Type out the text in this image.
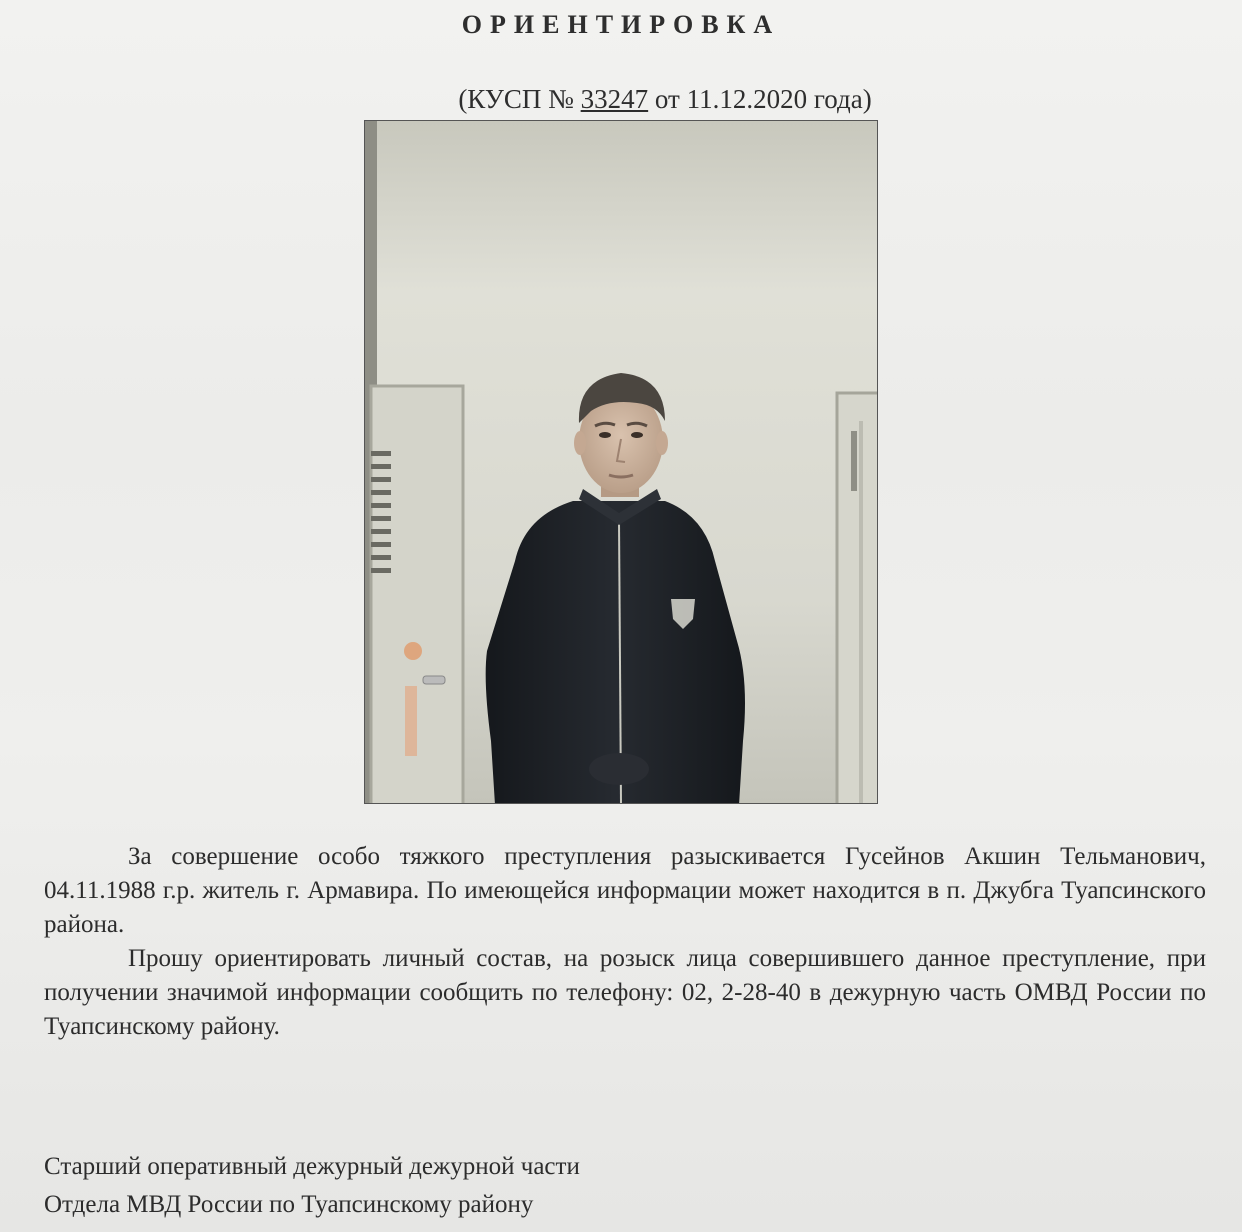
ОРИЕНТИРОВКА
(КУСП № 33247 от 11.12.2020 года)

За совершение особо тяжкого преступления разыскивается Гусейнов Акшин Тельманович, 04.11.1988 г.р. житель г. Армавира. По имеющейся информации может находится в п. Джубга Туапсинского района.

Прошу ориентировать личный состав, на розыск лица совершившего данное преступление, при получении значимой информации сообщить по телефону: 02, 2-28-40 в дежурную часть ОМВД России по Туапсинскому району.

Старший оперативный дежурный дежурной части
Отдела МВД России по Туапсинскому району
